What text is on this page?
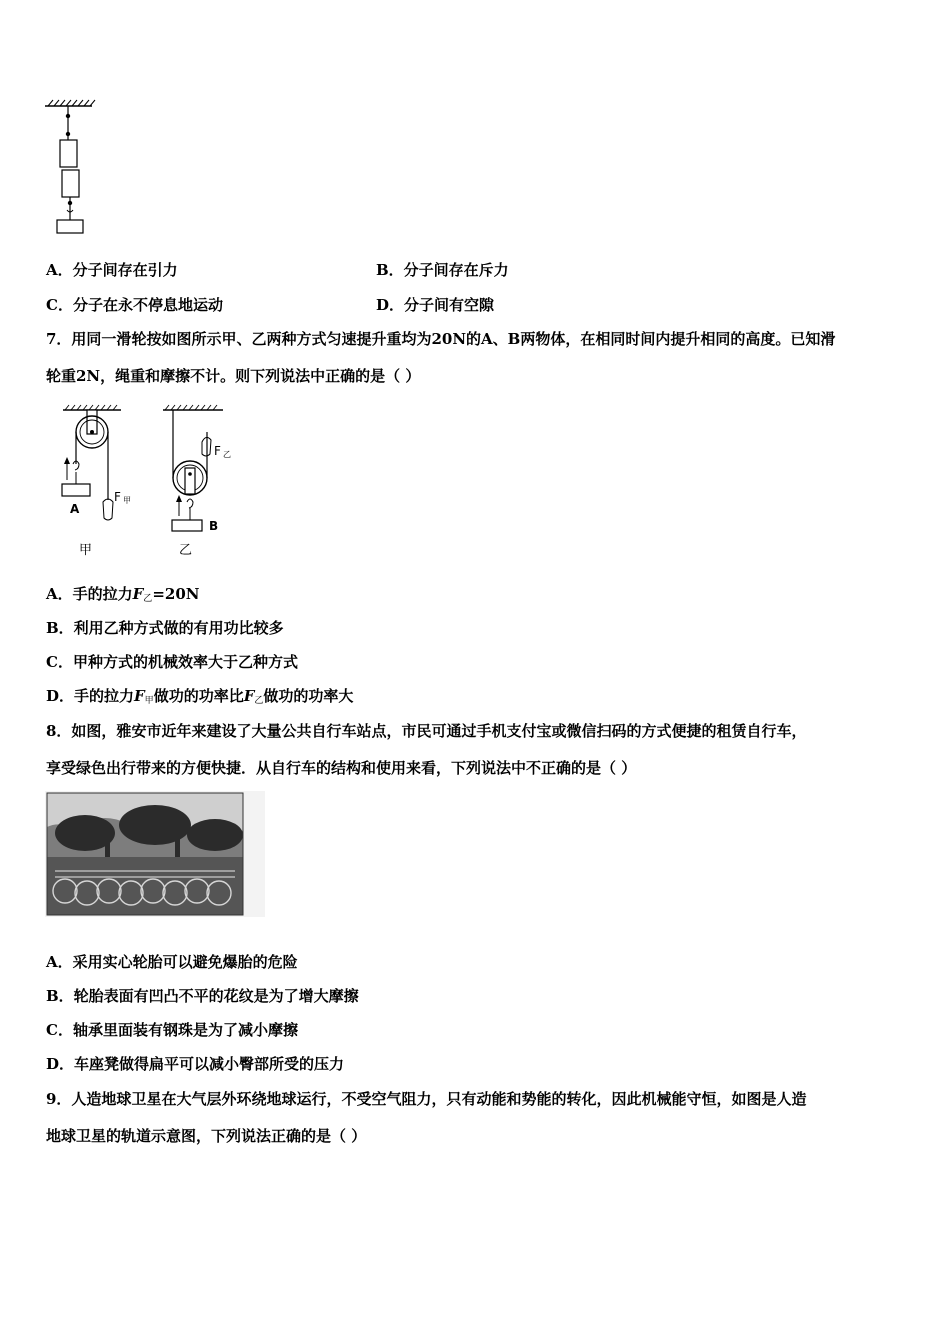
A．分子间存在引力	B．分子间存在斥力
C．分子在永不停息地运动	D．分子间有空隙
7．用同一滑轮按如图所示甲、乙两种方式匀速提升重均为20N的A、B两物体，在相同时间内提升相同的高度。已知滑
轮重2N，绳重和摩擦不计。则下列说法中正确的是（ ）
A
F 甲
甲
F 乙
B
乙
A．手的拉力$F_乙=20N$
B．利用乙种方式做的有用功比较多
C．甲种方式的机械效率大于乙种方式
D．手的拉力$F_甲$做功的功率比$F_乙$做功的功率大
8．如图，雅安市近年来建设了大量公共自行车站点，市民可通过手机支付宝或微信扫码的方式便捷的租赁自行车，
享受绿色出行带来的方便快捷．从自行车的结构和使用来看，下列说法中不正确的是（ ）
A．采用实心轮胎可以避免爆胎的危险
B．轮胎表面有凹凸不平的花纹是为了增大摩擦
C．轴承里面装有钢珠是为了减小摩擦
D．车座凳做得扁平可以减小臀部所受的压力
9．人造地球卫星在大气层外环绕地球运行，不受空气阻力，只有动能和势能的转化，因此机械能守恒，如图是人造
地球卫星的轨道示意图，下列说法正确的是（ ）
